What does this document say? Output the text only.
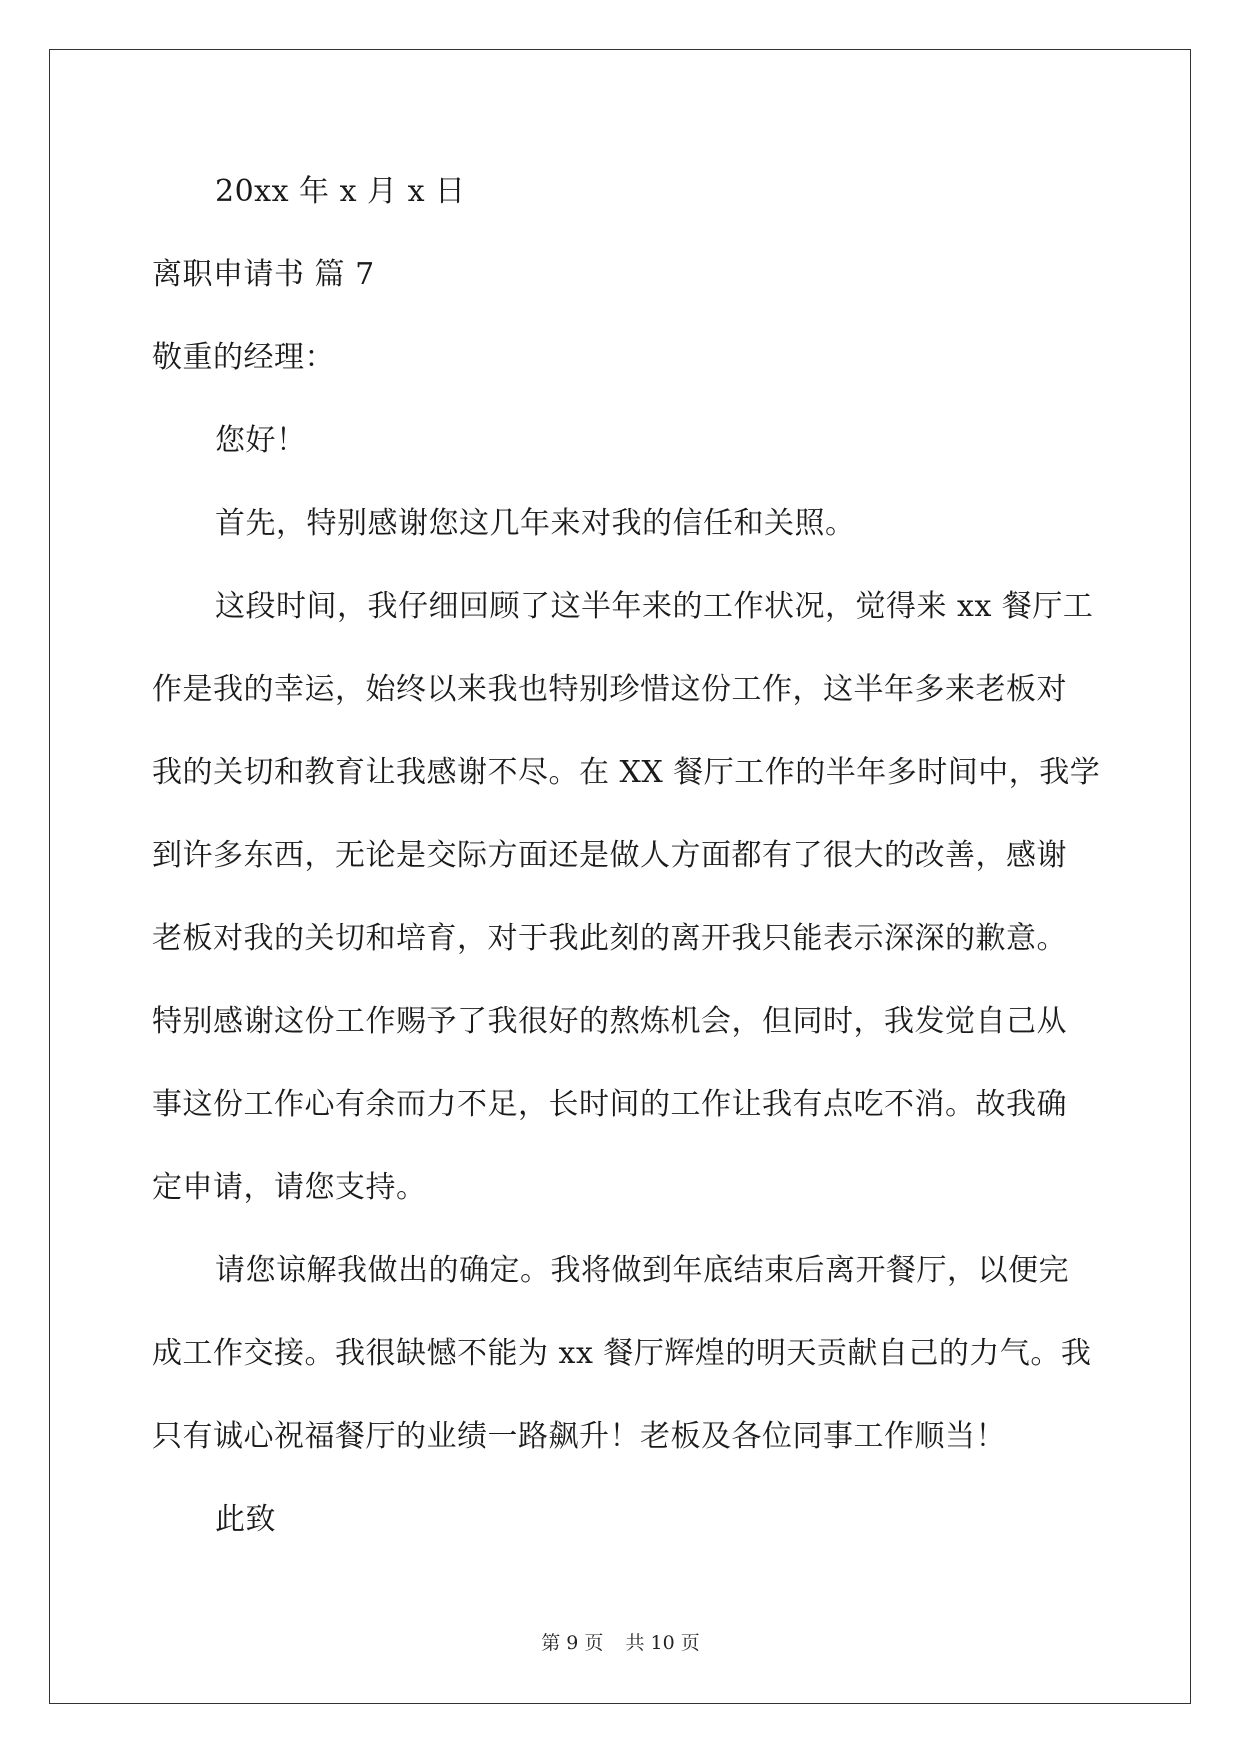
20xx 年 x 月 x 日
离职申请书 篇 7
敬重的经理：
您好！
首先，特别感谢您这几年来对我的信任和关照。
这段时间，我仔细回顾了这半年来的工作状况，觉得来 xx 餐厅工
作是我的幸运，始终以来我也特别珍惜这份工作，这半年多来老板对
我的关切和教育让我感谢不尽。在 XX 餐厅工作的半年多时间中，我学
到许多东西，无论是交际方面还是做人方面都有了很大的改善，感谢
老板对我的关切和培育，对于我此刻的离开我只能表示深深的歉意。
特别感谢这份工作赐予了我很好的熬炼机会，但同时，我发觉自己从
事这份工作心有余而力不足，长时间的工作让我有点吃不消。故我确
定申请，请您支持。
请您谅解我做出的确定。我将做到年底结束后离开餐厅，以便完
成工作交接。我很缺憾不能为 xx 餐厅辉煌的明天贡献自己的力气。我
只有诚心祝福餐厅的业绩一路飙升！老板及各位同事工作顺当！
此致
第 9 页 共 10 页
